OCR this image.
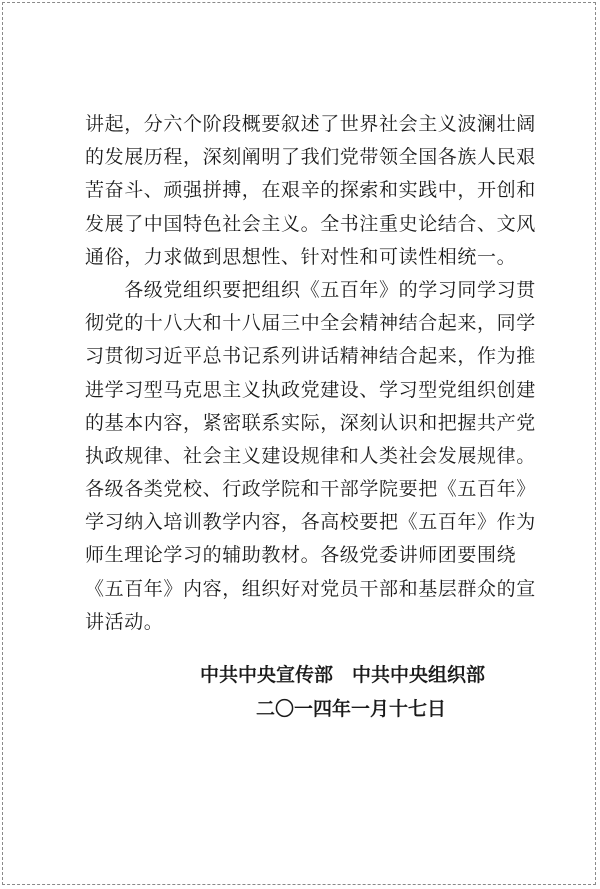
讲起，分六个阶段概要叙述了世界社会主义波澜壮阔
的发展历程，深刻阐明了我们党带领全国各族人民艰
苦奋斗、顽强拼搏，在艰辛的探索和实践中，开创和
发展了中国特色社会主义。全书注重史论结合、文风
通俗，力求做到思想性、针对性和可读性相统一。
　　各级党组织要把组织《五百年》的学习同学习贯
彻党的十八大和十八届三中全会精神结合起来，同学
习贯彻习近平总书记系列讲话精神结合起来，作为推
进学习型马克思主义执政党建设、学习型党组织创建
的基本内容，紧密联系实际，深刻认识和把握共产党
执政规律、社会主义建设规律和人类社会发展规律。
各级各类党校、行政学院和干部学院要把《五百年》
学习纳入培训教学内容，各高校要把《五百年》作为
师生理论学习的辅助教材。各级党委讲师团要围绕
《五百年》内容，组织好对党员干部和基层群众的宣
讲活动。
中共中央宣传部　中共中央组织部
二〇一四年一月十七日
